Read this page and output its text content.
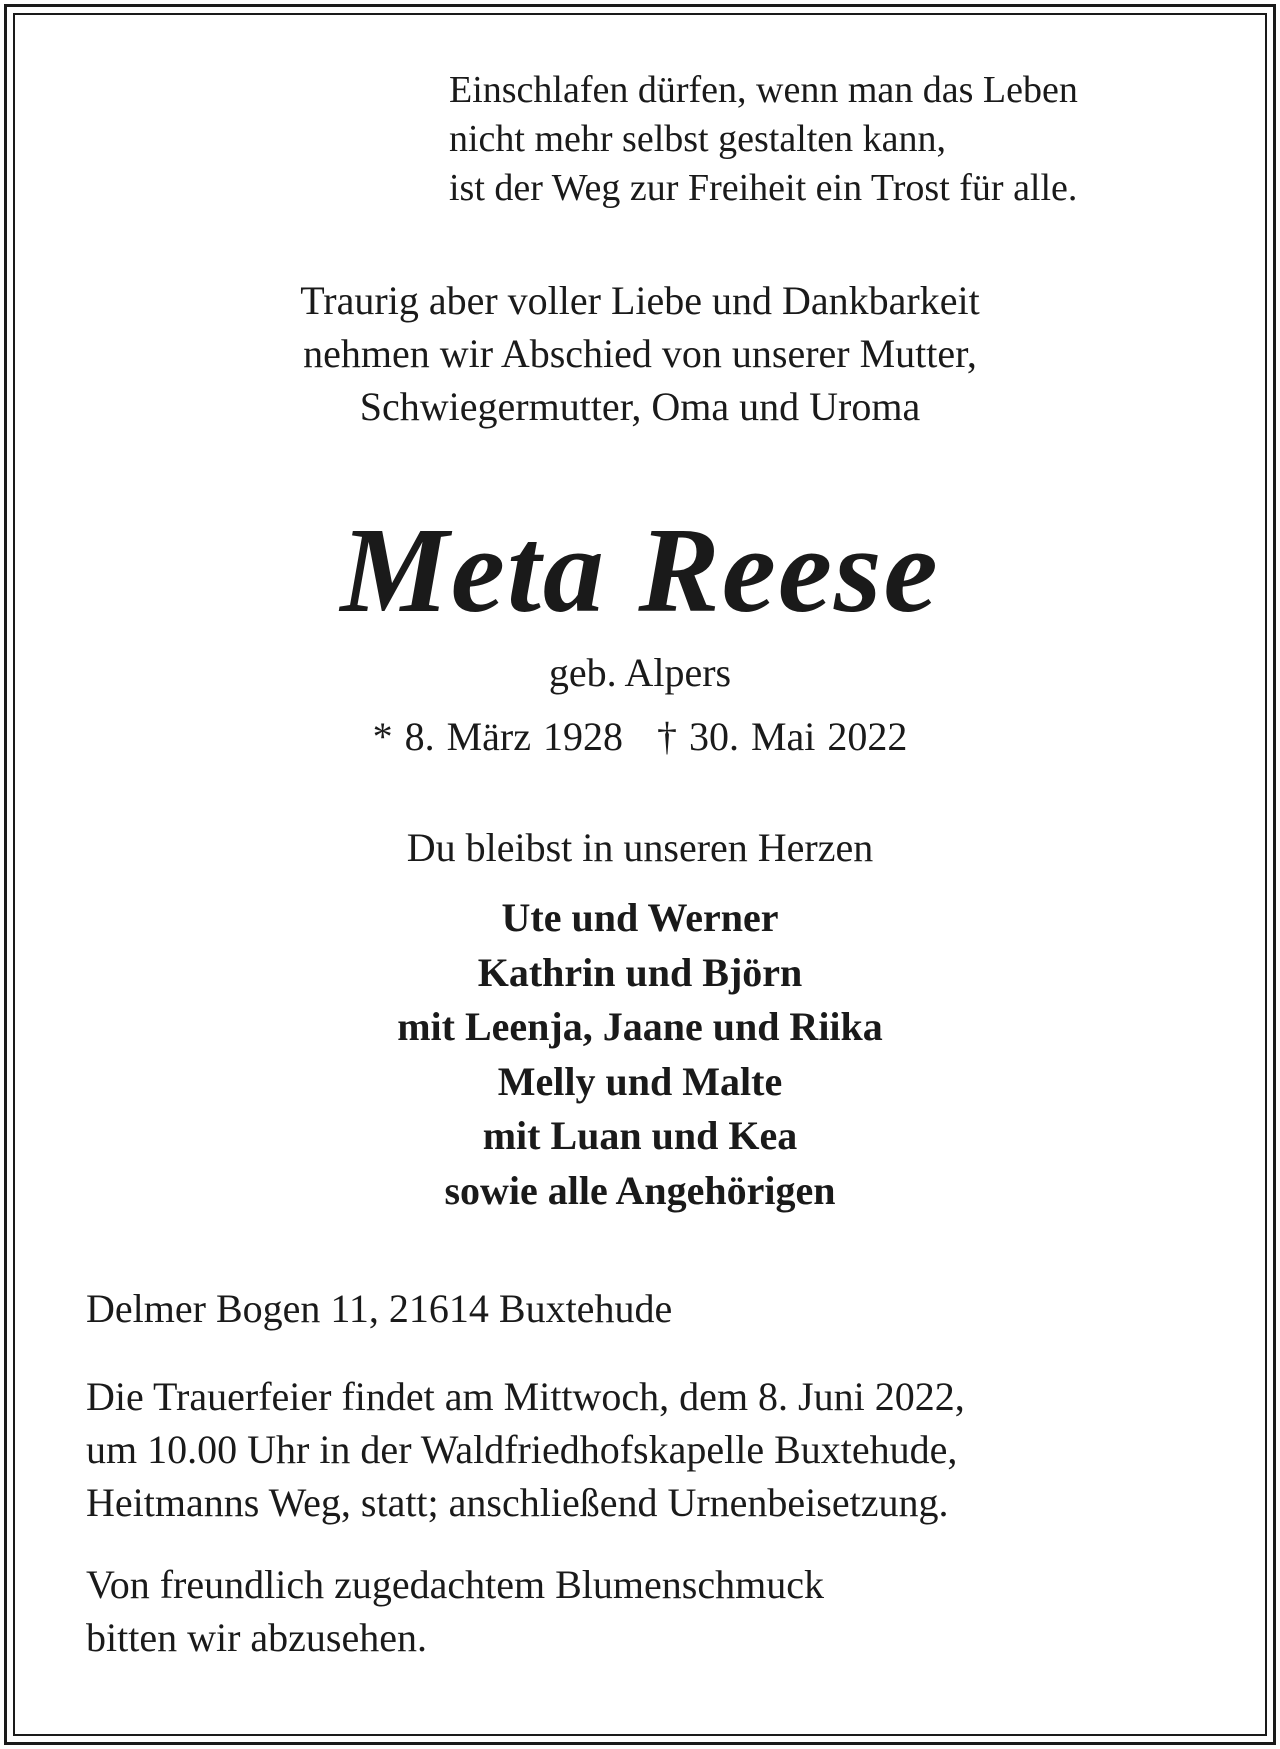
Einschlafen dürfen, wenn man das Leben
nicht mehr selbst gestalten kann,
ist der Weg zur Freiheit ein Trost für alle.
Traurig aber voller Liebe und Dankbarkeit
nehmen wir Abschied von unserer Mutter,
Schwiegermutter, Oma und Uroma
Meta Reese
geb. Alpers
* 8. März 1928 † 30. Mai 2022
Du bleibst in unseren Herzen
Ute und Werner
Kathrin und Björn
mit Leenja, Jaane und Riika
Melly und Malte
mit Luan und Kea
sowie alle Angehörigen
Delmer Bogen 11, 21614 Buxtehude
Die Trauerfeier findet am Mittwoch, dem 8. Juni 2022,
um 10.00 Uhr in der Waldfriedhofskapelle Buxtehude,
Heitmanns Weg, statt; anschließend Urnenbeisetzung.
Von freundlich zugedachtem Blumenschmuck
bitten wir abzusehen.
